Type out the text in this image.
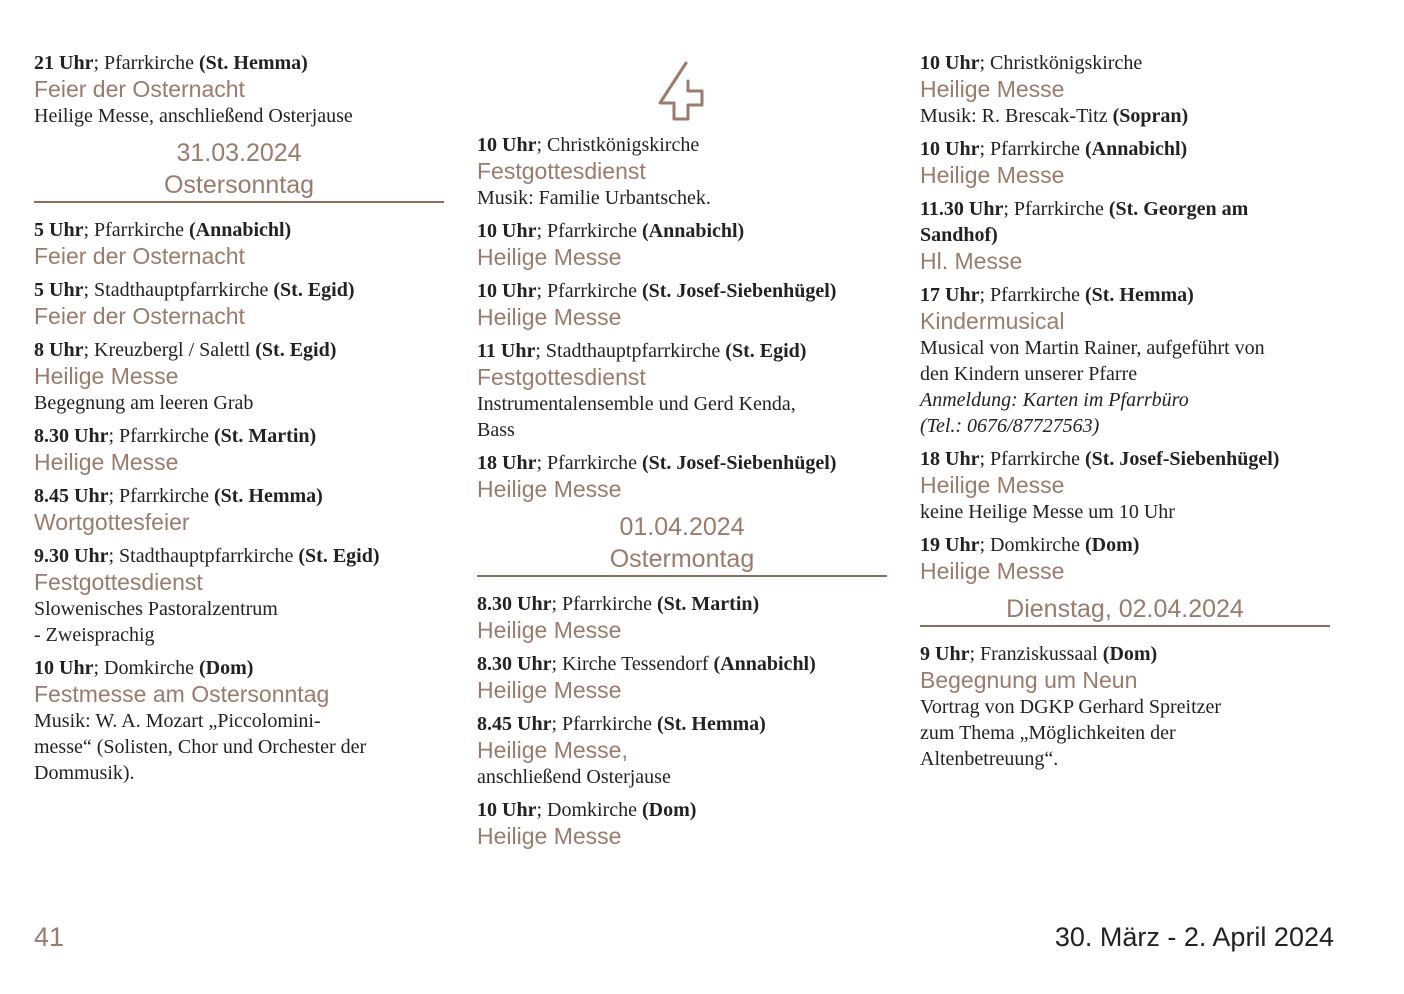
21 Uhr; Pfarrkirche (St. Hemma)
Feier der Osternacht
Heilige Messe, anschließend Osterjause
31.03.2024
Ostersonntag
5 Uhr; Pfarrkirche (Annabichl)
Feier der Osternacht
5 Uhr; Stadthauptpfarrkirche (St. Egid)
Feier der Osternacht
8 Uhr; Kreuzbergl / Salettl (St. Egid)
Heilige Messe
Begegnung am leeren Grab
8.30 Uhr; Pfarrkirche (St. Martin)
Heilige Messe
8.45 Uhr; Pfarrkirche (St. Hemma)
Wortgottesfeier
9.30 Uhr; Stadthauptpfarrkirche (St. Egid)
Festgottesdienst
Slowenisches Pastoralzentrum
- Zweisprachig
10 Uhr; Domkirche (Dom)
Festmesse am Ostersonntag
Musik: W. A. Mozart „Piccolomini-
messe“ (Solisten, Chor und Orchester der
Dommusik).
10 Uhr; Christkönigskirche
Festgottesdienst
Musik: Familie Urbantschek.
10 Uhr; Pfarrkirche (Annabichl)
Heilige Messe
10 Uhr; Pfarrkirche (St. Josef-Siebenhügel)
Heilige Messe
11 Uhr; Stadthauptpfarrkirche (St. Egid)
Festgottesdienst
Instrumentalensemble und Gerd Kenda,
Bass
18 Uhr; Pfarrkirche (St. Josef-Siebenhügel)
Heilige Messe
01.04.2024
Ostermontag
8.30 Uhr; Pfarrkirche (St. Martin)
Heilige Messe
8.30 Uhr; Kirche Tessendorf (Annabichl)
Heilige Messe
8.45 Uhr; Pfarrkirche (St. Hemma)
Heilige Messe,
anschließend Osterjause
10 Uhr; Domkirche (Dom)
Heilige Messe
10 Uhr; Christkönigskirche
Heilige Messe
Musik: R. Brescak-Titz (Sopran)
10 Uhr; Pfarrkirche (Annabichl)
Heilige Messe
11.30 Uhr; Pfarrkirche (St. Georgen am
Sandhof)
Hl. Messe
17 Uhr; Pfarrkirche (St. Hemma)
Kindermusical
Musical von Martin Rainer, aufgeführt von
den Kindern unserer Pfarre
Anmeldung: Karten im Pfarrbüro
(Tel.: 0676/87727563)
18 Uhr; Pfarrkirche (St. Josef-Siebenhügel)
Heilige Messe
keine Heilige Messe um 10 Uhr
19 Uhr; Domkirche (Dom)
Heilige Messe
Dienstag, 02.04.2024
9 Uhr; Franziskussaal (Dom)
Begegnung um Neun
Vortrag von DGKP Gerhard Spreitzer
zum Thema „Möglichkeiten der
Altenbetreuung“.
41	30. März - 2. April 2024
